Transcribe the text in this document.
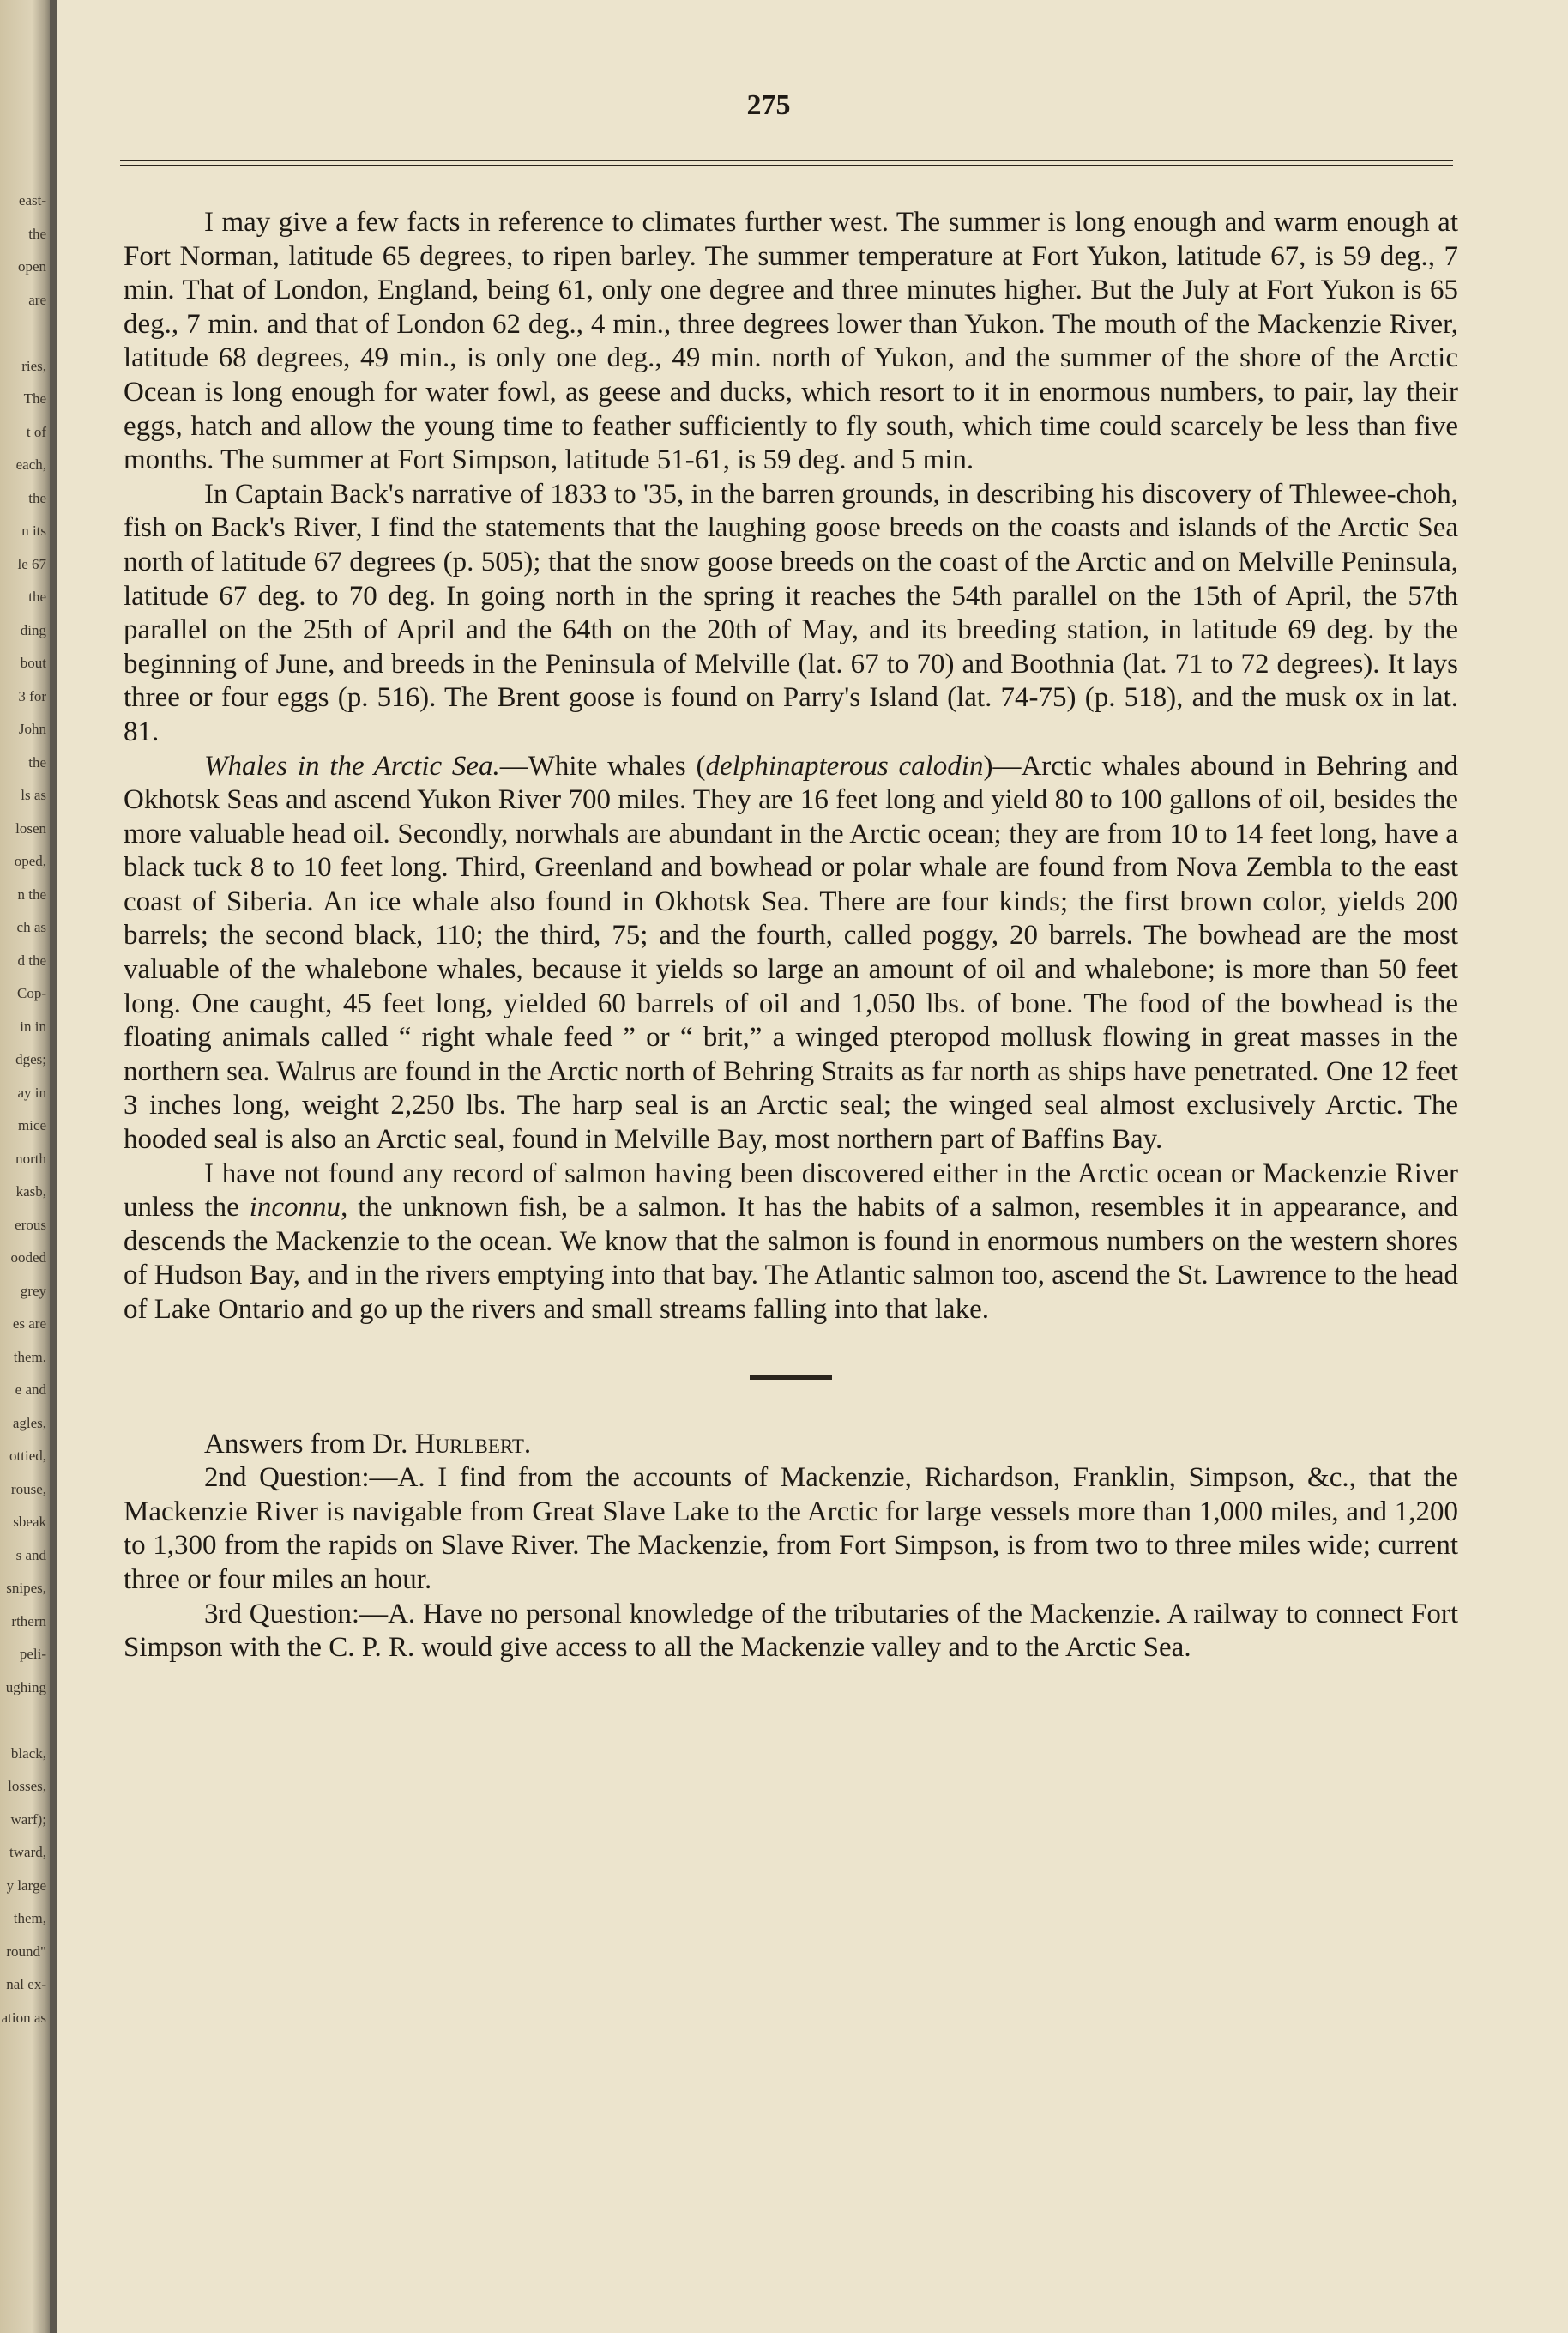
east-
the
open
are
ries,
The
t of
each,
the
n its
le 67
the
ding
bout
3 for
John
the
ls as
losen
oped,
n the
ch as
d the
Cop-
in in
dges;
ay in
mice
north
kasb,
erous
ooded
grey
es are
them.
e and
agles,
ottied,
rouse,
sbeak
s and
snipes,
rthern
peli-
ughing
black,
losses,
warf);
tward,
y large
them,
round"
nal ex-
ation as
275

I may give a few facts in reference to climates further west. The summer is long enough and warm enough at Fort Norman, latitude 65 degrees, to ripen barley. The summer temperature at Fort Yukon, latitude 67, is 59 deg., 7 min. That of London, England, being 61, only one degree and three minutes higher. But the July at Fort Yukon is 65 deg., 7 min. and that of London 62 deg., 4 min., three degrees lower than Yukon. The mouth of the Mackenzie River, latitude 68 degrees, 49 min., is only one deg., 49 min. north of Yukon, and the summer of the shore of the Arctic Ocean is long enough for water fowl, as geese and ducks, which resort to it in enormous numbers, to pair, lay their eggs, hatch and allow the young time to feather sufficiently to fly south, which time could scarcely be less than five months. The summer at Fort Simpson, latitude 51-61, is 59 deg. and 5 min.

In Captain Back's narrative of 1833 to '35, in the barren grounds, in describing his discovery of Thlewee-choh, fish on Back's River, I find the statements that the laughing goose breeds on the coasts and islands of the Arctic Sea north of latitude 67 degrees (p. 505); that the snow goose breeds on the coast of the Arctic and on Melville Peninsula, latitude 67 deg. to 70 deg. In going north in the spring it reaches the 54th parallel on the 15th of April, the 57th parallel on the 25th of April and the 64th on the 20th of May, and its breeding station, in latitude 69 deg. by the beginning of June, and breeds in the Peninsula of Melville (lat. 67 to 70) and Boothnia (lat. 71 to 72 degrees). It lays three or four eggs (p. 516). The Brent goose is found on Parry's Island (lat. 74-75) (p. 518), and the musk ox in lat. 81.

Whales in the Arctic Sea.—White whales (delphinapterous calodin)—Arctic whales abound in Behring and Okhotsk Seas and ascend Yukon River 700 miles. They are 16 feet long and yield 80 to 100 gallons of oil, besides the more valuable head oil. Secondly, norwhals are abundant in the Arctic ocean; they are from 10 to 14 feet long, have a black tuck 8 to 10 feet long. Third, Greenland and bowhead or polar whale are found from Nova Zembla to the east coast of Siberia. An ice whale also found in Okhotsk Sea. There are four kinds; the first brown color, yields 200 barrels; the second black, 110; the third, 75; and the fourth, called poggy, 20 barrels. The bowhead are the most valuable of the whalebone whales, because it yields so large an amount of oil and whalebone; is more than 50 feet long. One caught, 45 feet long, yielded 60 barrels of oil and 1,050 lbs. of bone. The food of the bowhead is the floating animals called “ right whale feed ” or “ brit,” a winged pteropod mollusk flowing in great masses in the northern sea. Walrus are found in the Arctic north of Behring Straits as far north as ships have penetrated. One 12 feet 3 inches long, weight 2,250 lbs. The harp seal is an Arctic seal; the winged seal almost exclusively Arctic. The hooded seal is also an Arctic seal, found in Melville Bay, most northern part of Baffins Bay.

I have not found any record of salmon having been discovered either in the Arctic ocean or Mackenzie River unless the inconnu, the unknown fish, be a salmon. It has the habits of a salmon, resembles it in appearance, and descends the Mackenzie to the ocean. We know that the salmon is found in enormous numbers on the western shores of Hudson Bay, and in the rivers emptying into that bay. The Atlantic salmon too, ascend the St. Lawrence to the head of Lake Ontario and go up the rivers and small streams falling into that lake.

Answers from Dr. Hurlbert.

2nd Question:—A. I find from the accounts of Mackenzie, Richardson, Franklin, Simpson, &c., that the Mackenzie River is navigable from Great Slave Lake to the Arctic for large vessels more than 1,000 miles, and 1,200 to 1,300 from the rapids on Slave River. The Mackenzie, from Fort Simpson, is from two to three miles wide; current three or four miles an hour.

3rd Question:—A. Have no personal knowledge of the tributaries of the Mackenzie. A railway to connect Fort Simpson with the C. P. R. would give access to all the Mackenzie valley and to the Arctic Sea.
